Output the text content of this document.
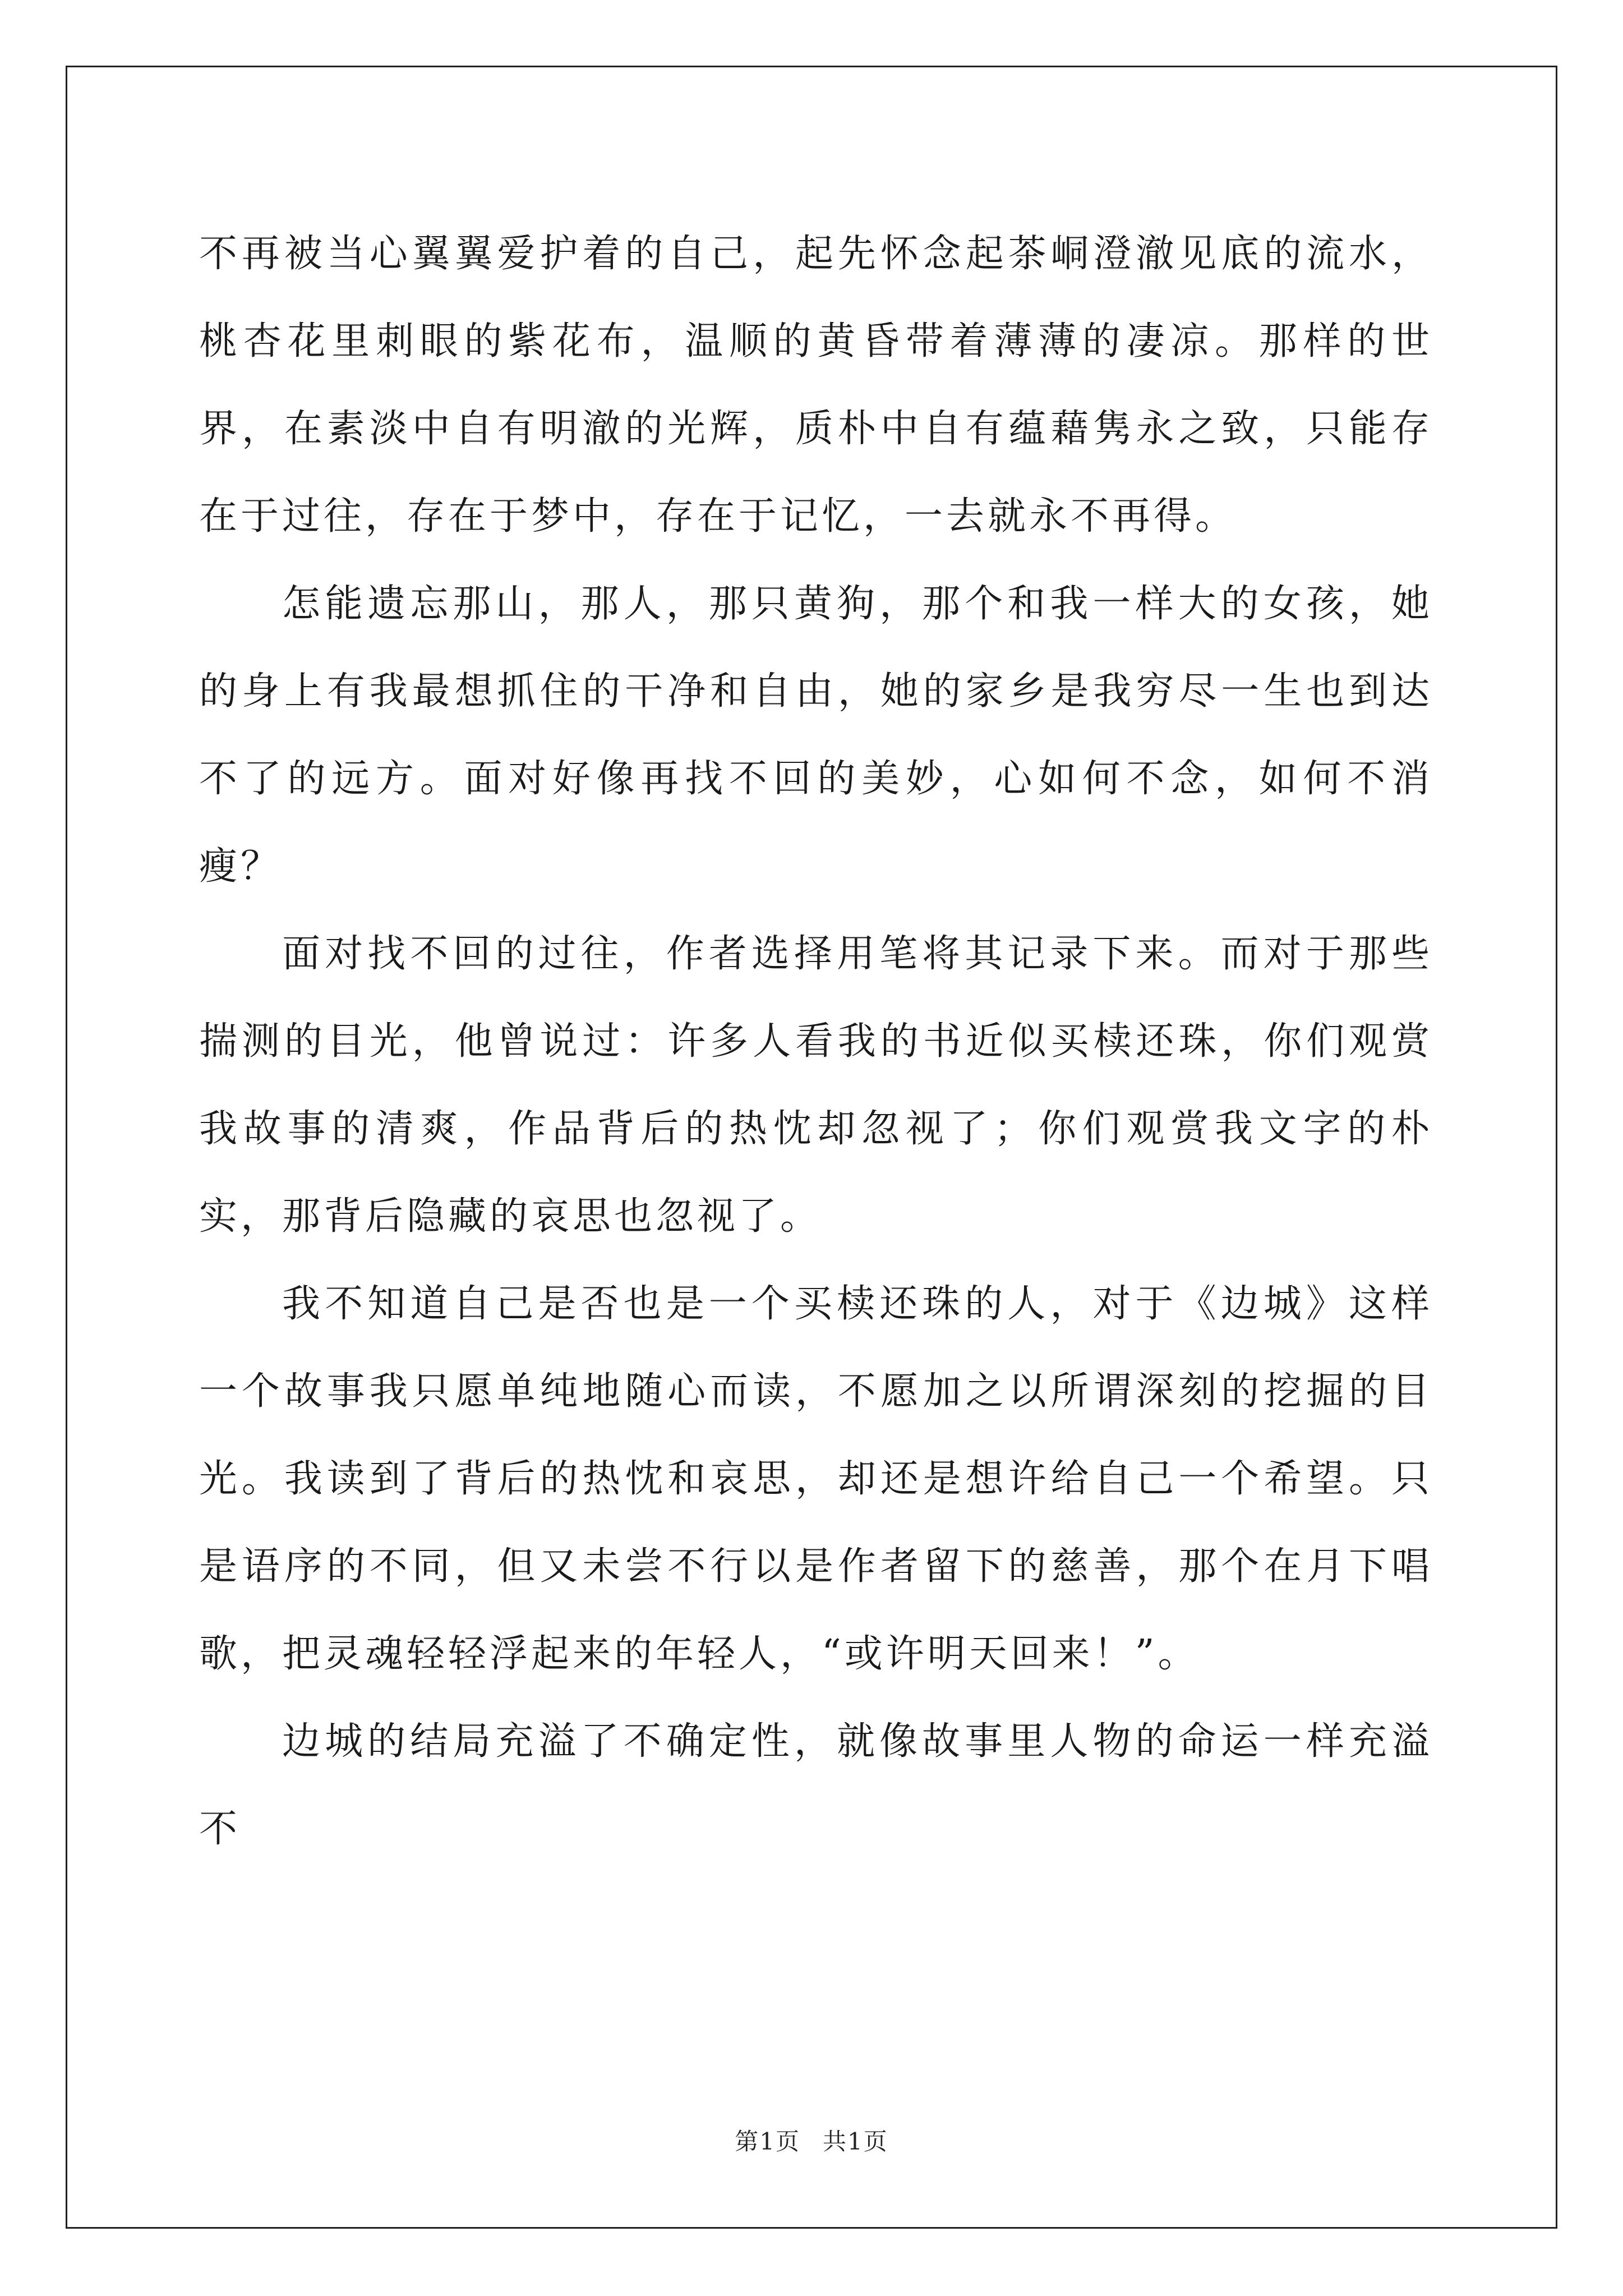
不再被当心翼翼爱护着的自己，起先怀念起茶峒澄澈见底的流水，桃杏花里刺眼的紫花布，温顺的黄昏带着薄薄的凄凉。那样的世界，在素淡中自有明澈的光辉，质朴中自有蕴藉隽永之致，只能存在于过往，存在于梦中，存在于记忆，一去就永不再得。

怎能遗忘那山，那人，那只黄狗，那个和我一样大的女孩，她的身上有我最想抓住的干净和自由，她的家乡是我穷尽一生也到达不了的远方。面对好像再找不回的美妙，心如何不念，如何不消瘦？

面对找不回的过往，作者选择用笔将其记录下来。而对于那些揣测的目光，他曾说过：许多人看我的书近似买椟还珠，你们观赏我故事的清爽，作品背后的热忱却忽视了；你们观赏我文字的朴实，那背后隐藏的哀思也忽视了。

我不知道自己是否也是一个买椟还珠的人，对于《边城》这样一个故事我只愿单纯地随心而读，不愿加之以所谓深刻的挖掘的目光。我读到了背后的热忱和哀思，却还是想许给自己一个希望。只是语序的不同，但又未尝不行以是作者留下的慈善，那个在月下唱歌，把灵魂轻轻浮起来的年轻人，“或许明天回来！”。

边城的结局充溢了不确定性，就像故事里人物的命运一样充溢不

第1页 共1页
